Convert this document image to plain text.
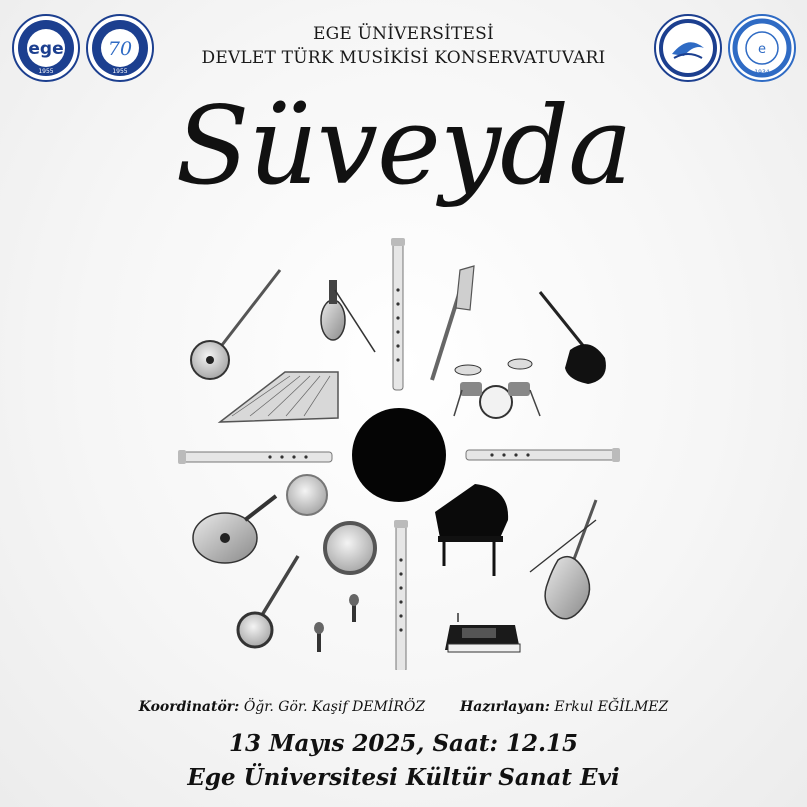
ege
1955
70
1955
EGE ÜNİVERSİTESİ
DEVLET TÜRK MUSİKİSİ KONSERVATUVARI	e
1934
Süveyda
Koordinatör: Öğr. Gör. Kaşif DEMİRÖZ Hazırlayan: Erkul EĞİLMEZ
13 Mayıs 2025, Saat: 12.15
Ege Üniversitesi Kültür Sanat Evi
